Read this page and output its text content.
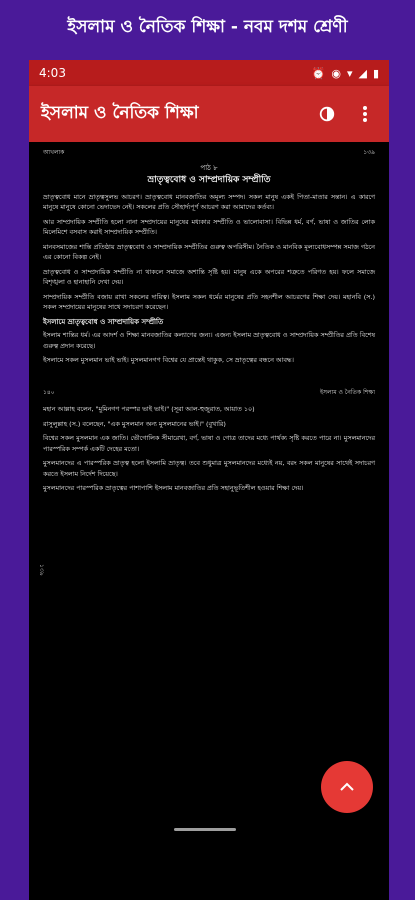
ইসলাম ও নৈতিক শিক্ষা - নবম দশম শ্রেণী
4:03	⏰ ◉ ▾ ◢ ▮
ইসলাম ও নৈতিক শিক্ষা
আখলাক	১৩৯
পাঠ ৮
ভ্রাতৃত্ববোধ ও সাম্প্রদায়িক সম্প্রীতি

ভ্রাতৃত্ববোধ মানে ভ্রাতৃত্বসুলভ আচরণ। ভ্রাতৃত্ববোধ মানবজাতির অমূল্য সম্পদ। সকল মানুষ একই পিতা-মাতার সন্তান। এ কারণে মানুষে মানুষে কোনো ভেদাভেদ নেই। সকলের প্রতি সৌহার্দ্যপূর্ণ আচরণ করা আমাদের কর্তব্য।

আর সাম্প্রদায়িক সম্প্রীতি হলো নানা সম্প্রদায়ের মানুষের মধ্যকার সম্প্রীতি ও ভালোবাসা। বিভিন্ন ধর্ম, বর্ণ, ভাষা ও জাতির লোক মিলেমিশে বসবাস করাই সাম্প্রদায়িক সম্প্রীতি।

মানবসমাজের শান্তি প্রতিষ্ঠায় ভ্রাতৃত্ববোধ ও সাম্প্রদায়িক সম্প্রীতির গুরুত্ব অপরিসীম। নৈতিক ও মানবিক মূল্যবোধসম্পন্ন সমাজ গঠনে এর কোনো বিকল্প নেই।

ভ্রাতৃত্ববোধ ও সাম্প্রদায়িক সম্প্রীতি না থাকলে সমাজে অশান্তি সৃষ্টি হয়। মানুষ একে অপরের শত্রুতে পরিণত হয়। ফলে সমাজে বিশৃঙ্খলা ও হানাহানি দেখা দেয়।

সাম্প্রদায়িক সম্প্রীতি বজায় রাখা সকলের দায়িত্ব। ইসলাম সকল ধর্মের মানুষের প্রতি সহনশীল আচরণের শিক্ষা দেয়। মহানবি (স.) সকল সম্প্রদায়ের মানুষের সাথে সদাচরণ করেছেন।

ইসলামে ভ্রাতৃত্ববোধ ও সাম্প্রদায়িক সম্প্রীতি

ইসলাম শান্তির ধর্ম। এর আদর্শ ও শিক্ষা মানবজাতির কল্যাণের জন্য। এজন্য ইসলাম ভ্রাতৃত্ববোধ ও সাম্প্রদায়িক সম্প্রীতির প্রতি বিশেষ গুরুত্ব প্রদান করেছে।

ইসলামে সকল মুসলমান ভাই ভাই। মুসলমানগণ বিশ্বের যে প্রান্তেই থাকুক, সে ভ্রাতৃত্বের বন্ধনে আবদ্ধ।

১৪০	ইসলাম ও নৈতিক শিক্ষা

মহান আল্লাহ বলেন, "মুমিনগণ পরস্পর ভাই ভাই।" (সূরা আল-হুজুরাত, আয়াত ১০)

রাসুলুল্লাহ (স.) বলেছেন, "এক মুসলমান অন্য মুসলমানের ভাই।" (বুখারি)

বিশ্বের সকল মুসলমান এক জাতি। ভৌগোলিক সীমারেখা, বর্ণ, ভাষা ও গোত্র তাদের মধ্যে পার্থক্য সৃষ্টি করতে পারে না। মুসলমানদের পারস্পরিক সম্পর্ক একটি দেহের মতো।

মুসলমানদের এ পারস্পরিক ভ্রাতৃত্ব হলো ইসলামি ভ্রাতৃত্ব। তবে শুধুমাত্র মুসলমানদের মধ্যেই নয়, বরং সকল মানুষের সাথেই সদাচরণ করতে ইসলাম নির্দেশ দিয়েছে।

মুসলমানদের পারস্পরিক ভ্রাতৃত্বের পাশাপাশি ইসলাম মানবজাতির প্রতি সহানুভূতিশীল হওয়ার শিক্ষা দেয়।

১৩৯
